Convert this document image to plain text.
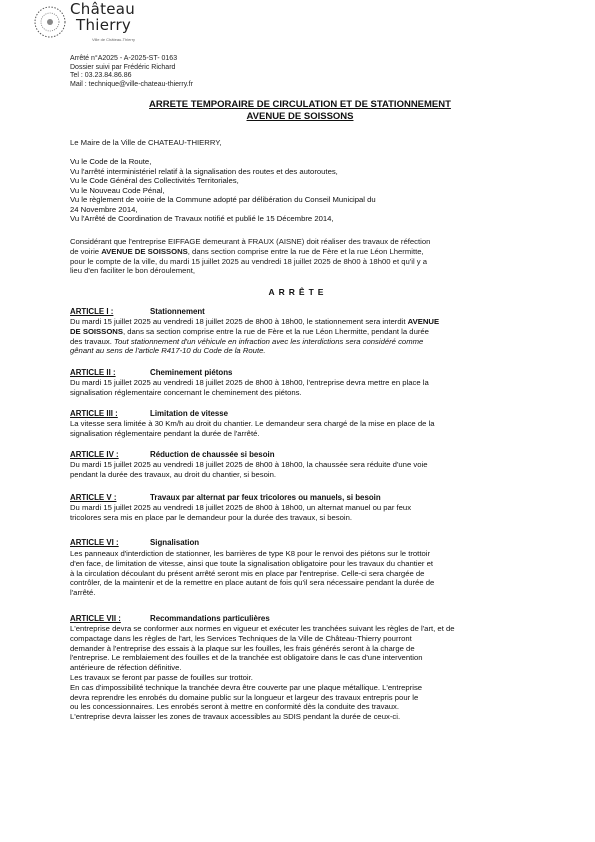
Château
Thierry
Ville de Château-Thierry
Arrêté n°A2025 - A-2025-ST- 0163
Dossier suivi par Frédéric Richard
Tel : 03.23.84.86.86
Mail : technique@ville-chateau-thierry.fr
ARRETE TEMPORAIRE DE CIRCULATION ET DE STATIONNEMENT
AVENUE DE SOISSONS
Le Maire de la Ville de CHATEAU-THIERRY,
Vu le Code de la Route,
Vu l'arrêté interministériel relatif à la signalisation des routes et des autoroutes,
Vu le Code Général des Collectivités Territoriales,
Vu le Nouveau Code Pénal,
Vu le règlement de voirie de la Commune adopté par délibération du Conseil Municipal du
24 Novembre 2014,
Vu l'Arrêté de Coordination de Travaux notifié et publié le 15 Décembre 2014,
Considérant que l'entreprise EIFFAGE demeurant à FRAUX (AISNE) doit réaliser des travaux de réfection
de voirie AVENUE DE SOISSONS, dans section comprise entre la rue de Fère et la rue Léon Lhermitte,
pour le compte de la ville, du mardi 15 juillet 2025 au vendredi 18 juillet 2025 de 8h00 à 18h00 et qu'il y a
lieu d'en faciliter le bon déroulement,
ARRÊTE
ARTICLE I :	Stationnement
Du mardi 15 juillet 2025 au vendredi 18 juillet 2025 de 8h00 à 18h00, le stationnement sera interdit AVENUE
DE SOISSONS, dans sa section comprise entre la rue de Fère et la rue Léon Lhermitte, pendant la durée
des travaux. Tout stationnement d'un véhicule en infraction avec les interdictions sera considéré comme
gênant au sens de l'article R417-10 du Code de la Route.
ARTICLE II :	Cheminement piétons
Du mardi 15 juillet 2025 au vendredi 18 juillet 2025 de 8h00 à 18h00, l'entreprise devra mettre en place la
signalisation réglementaire concernant le cheminement des piétons.
ARTICLE III :	Limitation de vitesse
La vitesse sera limitée à 30 Km/h au droit du chantier. Le demandeur sera chargé de la mise en place de la
signalisation réglementaire pendant la durée de l'arrêté.
ARTICLE IV :	Réduction de chaussée si besoin
Du mardi 15 juillet 2025 au vendredi 18 juillet 2025 de 8h00 à 18h00, la chaussée sera réduite d'une voie
pendant la durée des travaux, au droit du chantier, si besoin.
ARTICLE V :	Travaux par alternat par feux tricolores ou manuels, si besoin
Du mardi 15 juillet 2025 au vendredi 18 juillet 2025 de 8h00 à 18h00, un alternat manuel ou par feux
tricolores sera mis en place par le demandeur pour la durée des travaux, si besoin.
ARTICLE VI :	Signalisation
Les panneaux d'interdiction de stationner, les barrières de type K8 pour le renvoi des piétons sur le trottoir
d'en face, de limitation de vitesse, ainsi que toute la signalisation obligatoire pour les travaux du chantier et
à la circulation découlant du présent arrêté seront mis en place par l'entreprise. Celle-ci sera chargée de
contrôler, de la maintenir et de la remettre en place autant de fois qu'il sera nécessaire pendant la durée de
l'arrêté.
ARTICLE VII :	Recommandations particulières
L'entreprise devra se conformer aux normes en vigueur et exécuter les tranchées suivant les règles de l'art, et de
compactage dans les règles de l'art, les Services Techniques de la Ville de Château-Thierry pourront
demander à l'entreprise des essais à la plaque sur les fouilles, les frais générés seront à la charge de
l'entreprise. Le remblaiement des fouilles et de la tranchée est obligatoire dans le cas d'une intervention
antérieure de réfection définitive.
Les travaux se feront par passe de fouilles sur trottoir.
En cas d'impossibilité technique la tranchée devra être couverte par une plaque métallique. L'entreprise
devra reprendre les enrobés du domaine public sur la longueur et largeur des travaux entrepris pour le
ou les concessionnaires. Les enrobés seront à mettre en conformité dès la conduite des travaux.
L'entreprise devra laisser les zones de travaux accessibles au SDIS pendant la durée de ceux-ci.
